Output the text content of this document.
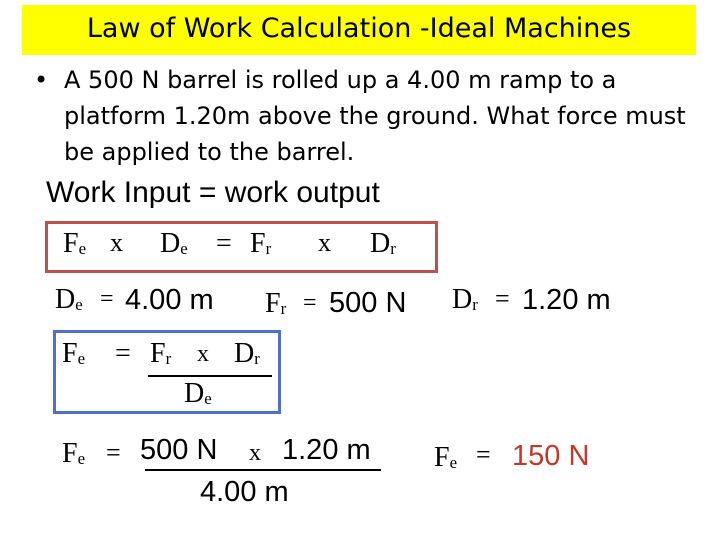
Law of Work Calculation -Ideal Machines
• A 500 N barrel is rolled up a 4.00 m ramp to a platform 1.20m above the ground. What force must be applied to the barrel.
Work Input = work output
$F_e$ x $D_e = F_r$ x $D_r$
$D_e = 4.00$ m $F_r = 500$ N $D_r = 1.20$ m
$F_e = F_r$ x $D_r$
$D_e$
$F_e = 500$ N x 1.20 m
4.00 m
$F_e = 150$ N
